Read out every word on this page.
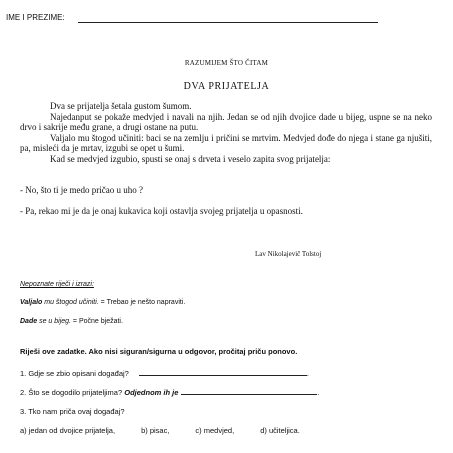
IME I PREZIME:
RAZUMIJEM ŠTO ČITAM
DVA PRIJATELJA

Dva se prijatelja šetala gustom šumom.

Najedanput se pokaže medvjed i navali na njih. Jedan se od njih dvojice dade u bijeg, uspne se na neko drvo i sakrije među grane, a drugi ostane na putu.

Valjalo mu štogod učiniti: baci se na zemlju i pričini se mrtvim. Medvjed dođe do njega i stane ga njušiti, pa, misleći da je mrtav, izgubi se opet u šumi.

Kad se medvjed izgubio, spusti se onaj s drveta i veselo zapita svog prijatelja:

- No, što ti je medo pričao u uho ?
- Pa, rekao mi je da je onaj kukavica koji ostavlja svojeg prijatelja u opasnosti.
Lav Nikolajevič Tolstoj
Nepoznate riječi i izrazi:
Valjalo mu štogod učiniti. = Trebao je nešto napraviti.
Dade se u bijeg. = Počne bježati.
Riješi ove zadatke. Ako nisi siguran/sigurna u odgovor, pročitaj priču ponovo.
1. Gdje se zbio opisani događaj?	.
2. Što se dogodilo prijateljima? Odjednom ih je	.
3. Tko nam priča ovaj događaj?
a) jedan od dvojice prijatelja,	b) pisac,	c) medvjed,	d) učiteljica.
